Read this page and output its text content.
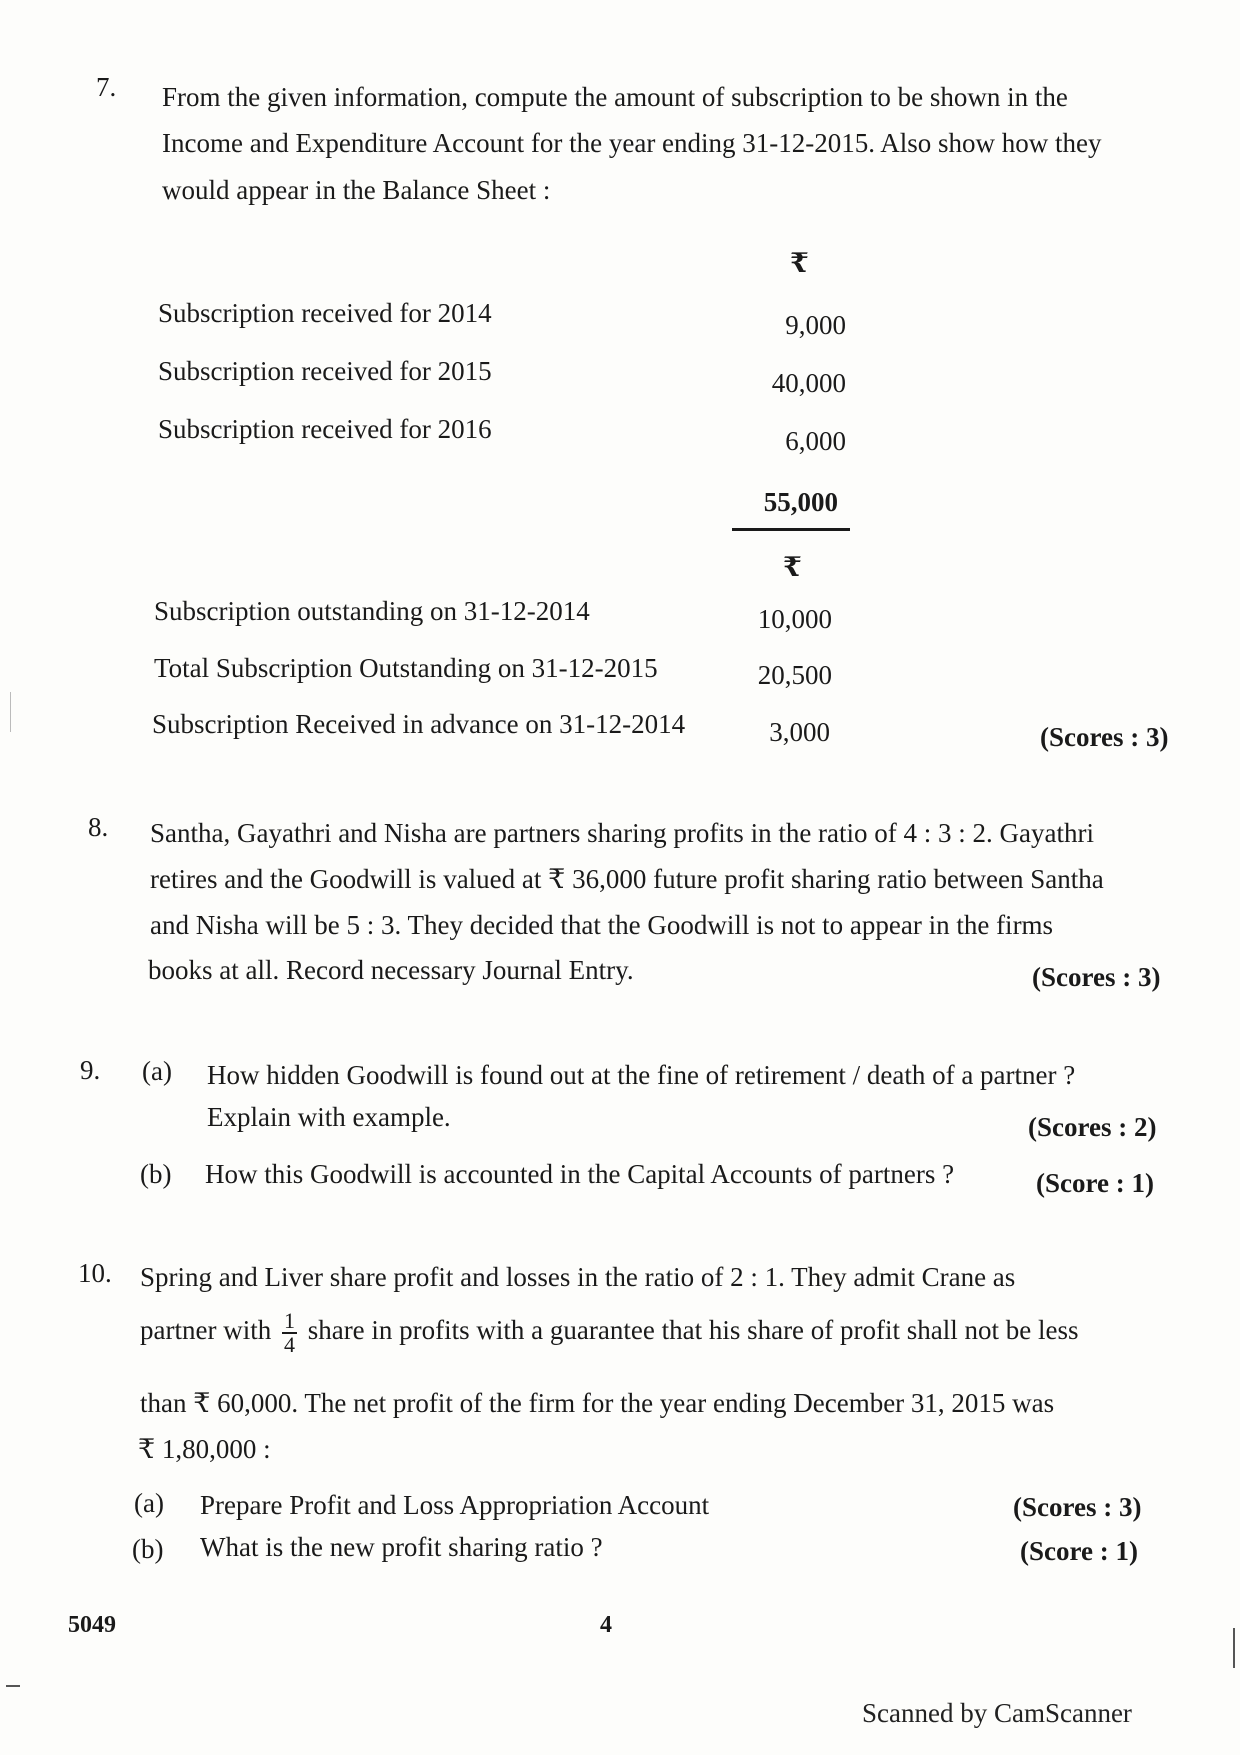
7. From the given information, compute the amount of subscription to be shown in the
Income and Expenditure Account for the year ending 31-12-2015. Also show how they
would appear in the Balance Sheet :
₹
Subscription received for 2014	9,000
Subscription received for 2015	40,000
Subscription received for 2016	6,000
55,000
₹
Subscription outstanding on 31-12-2014	10,000
Total Subscription Outstanding on 31-12-2015	20,500
Subscription Received in advance on 31-12-2014	3,000	(Scores : 3)
8. Santha, Gayathri and Nisha are partners sharing profits in the ratio of 4 : 3 : 2. Gayathri
retires and the Goodwill is valued at ₹ 36,000 future profit sharing ratio between Santha
and Nisha will be 5 : 3. They decided that the Goodwill is not to appear in the firms
books at all. Record necessary Journal Entry.	(Scores : 3)
9. (a) How hidden Goodwill is found out at the fine of retirement / death of a partner ?
Explain with example.	(Scores : 2)
(b) How this Goodwill is accounted in the Capital Accounts of partners ?	(Score : 1)
10. Spring and Liver share profit and losses in the ratio of 2 : 1. They admit Crane as
partner with $\frac{1}{4}$ share in profits with a guarantee that his share of profit shall not be less
than ₹ 60,000. The net profit of the firm for the year ending December 31, 2015 was
₹ 1,80,000 :
(a) Prepare Profit and Loss Appropriation Account	(Scores : 3)
(b) What is the new profit sharing ratio ?	(Score : 1)
5049	4
Scanned by CamScanner
